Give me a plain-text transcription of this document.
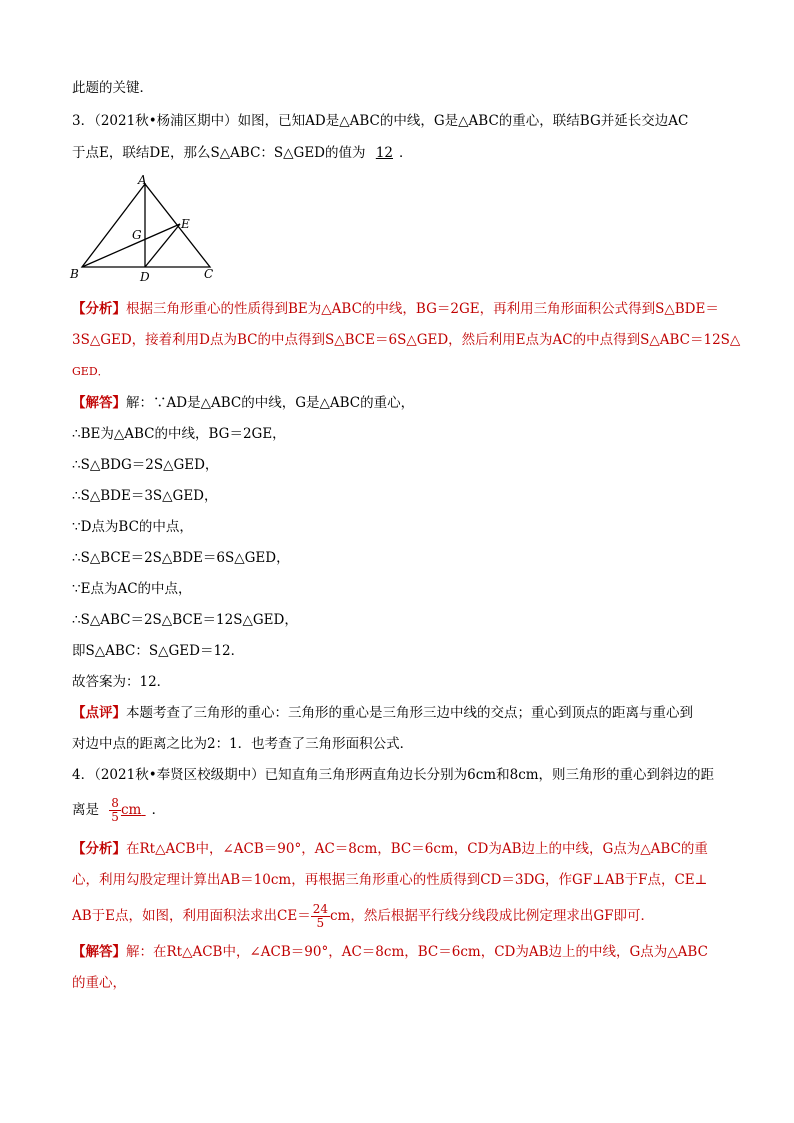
此题的关键．
3．（2021秋•杨浦区期中）如图，已知AD是△ABC的中线，G是△ABC的重心，联结BG并延长交边AC
于点E，联结DE，那么S△ABC：S△GED的值为 12 ．
A
B	C
D
E
G
【分析】根据三角形重心的性质得到BE为△ABC的中线，BG＝2GE，再利用三角形面积公式得到S△BDE＝
3S△GED，接着利用D点为BC的中点得到S△BCE＝6S△GED，然后利用E点为AC的中点得到S△ABC＝12S△
GED．
【解答】解：∵AD是△ABC的中线，G是△ABC的重心，
∴BE为△ABC的中线，BG＝2GE，
∴S△BDG＝2S△GED，
∴S△BDE＝3S△GED，
∵D点为BC的中点，
∴S△BCE＝2S△BDE＝6S△GED，
∵E点为AC的中点，
∴S△ABC＝2S△BCE＝12S△GED，
即S△ABC：S△GED＝12．
故答案为：12．
【点评】本题考查了三角形的重心：三角形的重心是三角形三边中线的交点；重心到顶点的距离与重心到
对边中点的距离之比为2：1．也考查了三角形面积公式．
4．（2021秋•奉贤区校级期中）已知直角三角形两直角边长分别为6cm和8cm，则三角形的重心到斜边的距
离是 $\frac{8}{5}$ cm ．
【分析】在Rt△ACB中，∠ACB＝90°，AC＝8cm，BC＝6cm，CD为AB边上的中线，G点为△ABC的重
心，利用勾股定理计算出AB＝10cm，再根据三角形重心的性质得到CD＝3DG，作GF⊥AB于F点，CE⊥
AB于E点，如图，利用面积法求出$CE= \frac{24}{5}$ cm，然后根据平行线分线段成比例定理求出GF即可．
【解答】解：在Rt△ACB中，∠ACB＝90°，AC＝8cm，BC＝6cm，CD为AB边上的中线，G点为△ABC
的重心，
